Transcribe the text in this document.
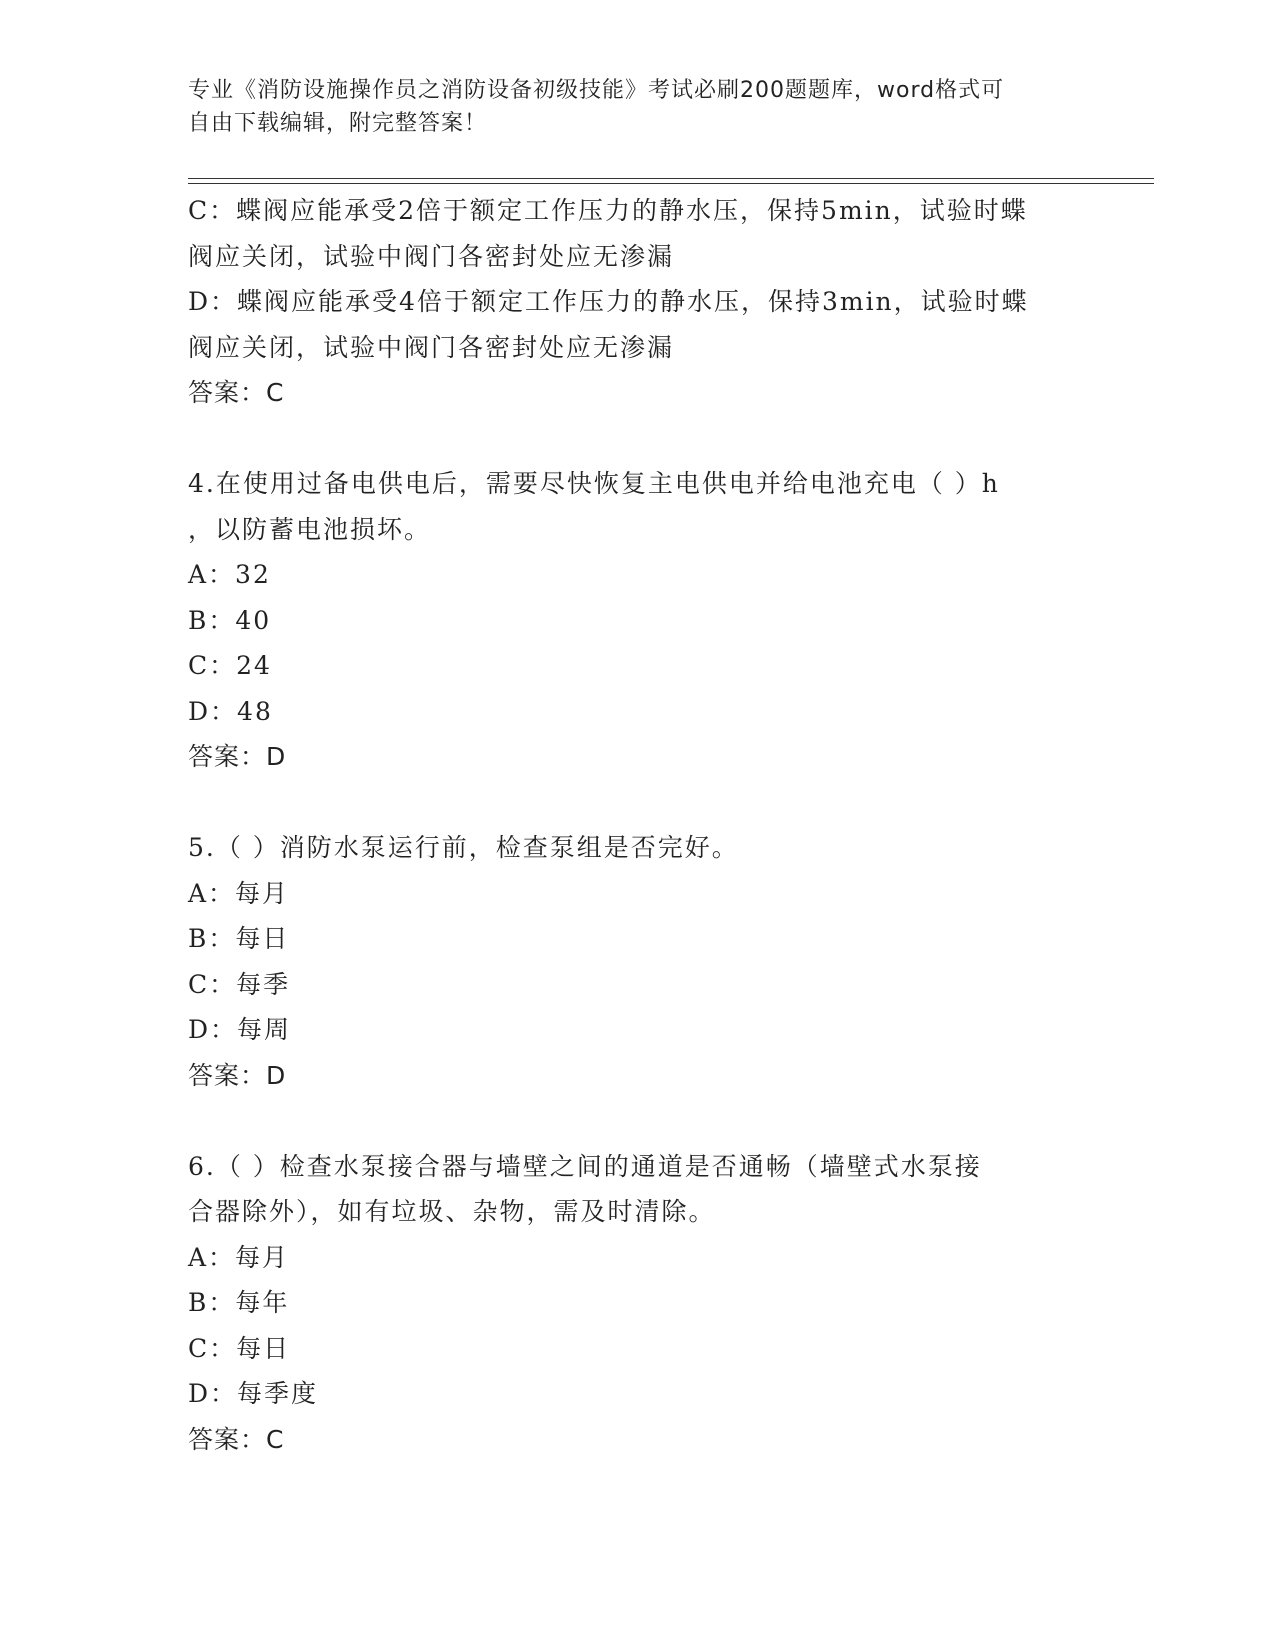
专业《消防设施操作员之消防设备初级技能》考试必刷200题题库，word格式可
自由下载编辑，附完整答案！
C：蝶阀应能承受2倍于额定工作压力的静水压，保持5min，试验时蝶
阀应关闭，试验中阀门各密封处应无渗漏
D：蝶阀应能承受4倍于额定工作压力的静水压，保持3min，试验时蝶
阀应关闭，试验中阀门各密封处应无渗漏
答案：C
4.在使用过备电供电后，需要尽快恢复主电供电并给电池充电（ ）h
，以防蓄电池损坏。
A：32
B：40
C：24
D：48
答案：D
5.（ ）消防水泵运行前，检查泵组是否完好。
A：每月
B：每日
C：每季
D：每周
答案：D
6.（ ）检查水泵接合器与墙壁之间的通道是否通畅（墙壁式水泵接
合器除外），如有垃圾、杂物，需及时清除。
A：每月
B：每年
C：每日
D：每季度
答案：C
